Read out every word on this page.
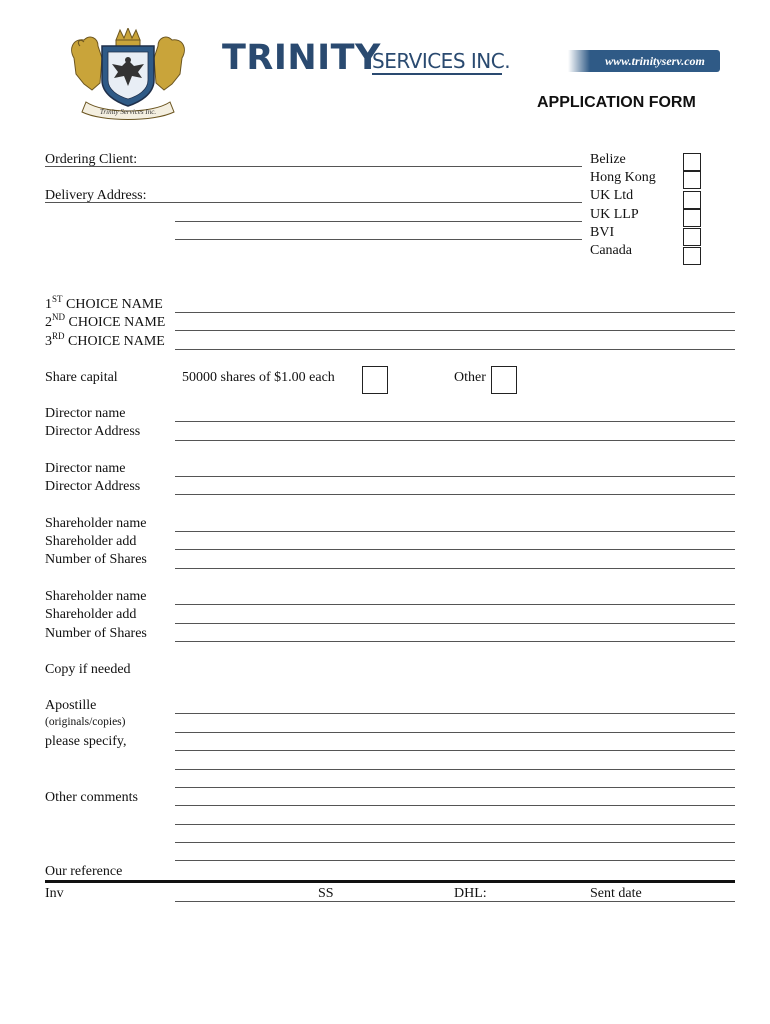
Trinity Services Inc.
TRINITY
SERVICES INC.	www.trinityserv.com
APPLICATION FORM
Ordering Client:
Delivery Address:
Belize
Hong Kong
UK Ltd
UK LLP
BVI
Canada
1ST CHOICE NAME
2ND CHOICE NAME
3RD CHOICE NAME
Share capital	50000 shares of $1.00 each	Other
Director name
Director Address
Director name
Director Address
Shareholder name
Shareholder add
Number of Shares
Shareholder name
Shareholder add
Number of Shares
Copy if needed
Apostille
(originals/copies)
please specify,
Other comments
Our reference
Inv	SS	DHL:	Sent date
